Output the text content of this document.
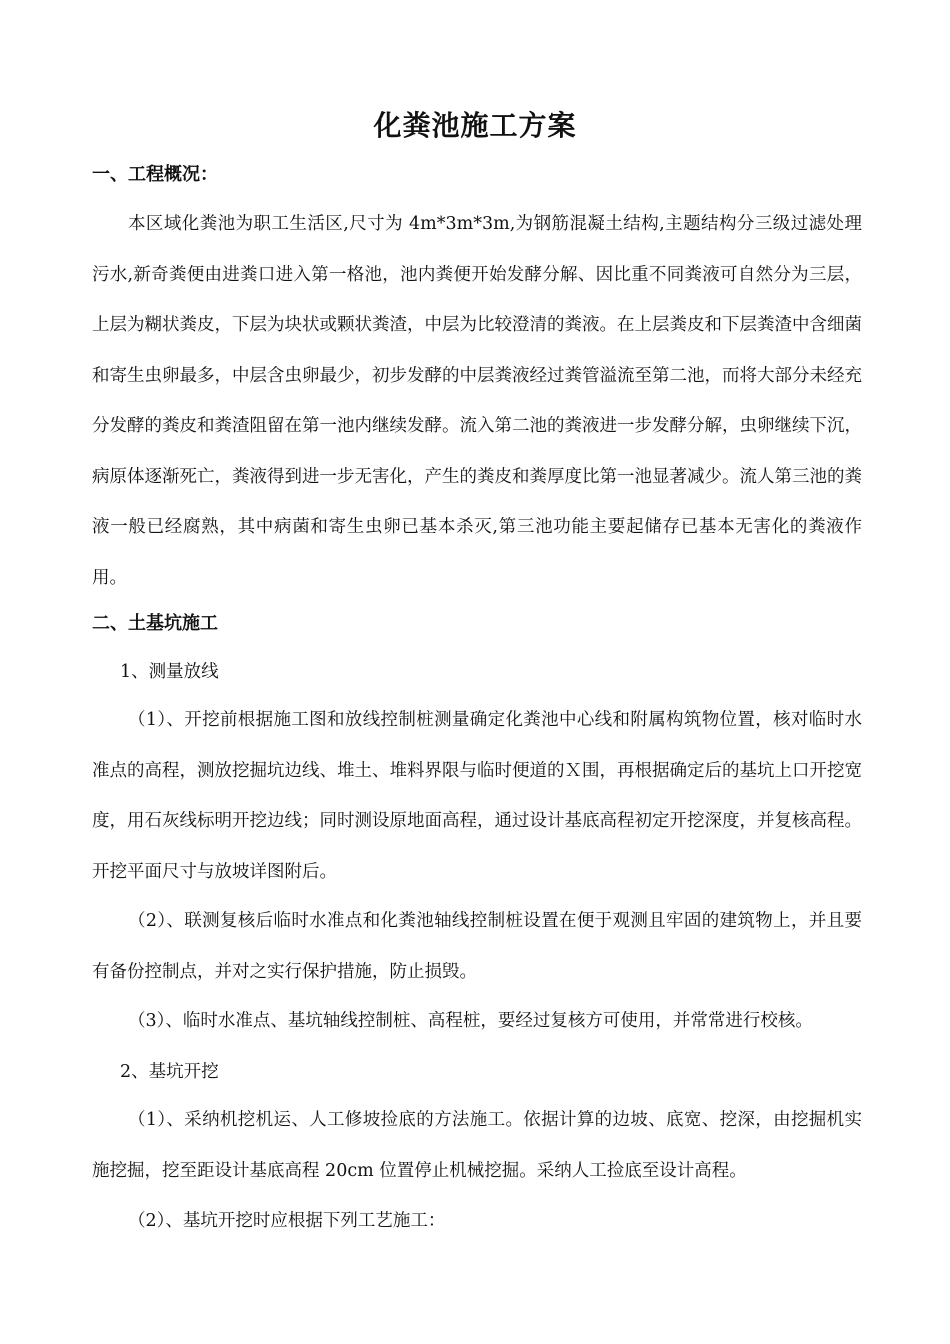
化粪池施工方案
一、工程概况：

本区域化粪池为职工生活区,尺寸为 4m*3m*3m,为钢筋混凝土结构,主题结构分三级过滤处理污水,新奇粪便由进粪口进入第一格池，池内粪便开始发酵分解、因比重不同粪液可自然分为三层，上层为糊状粪皮，下层为块状或颗状粪渣，中层为比较澄清的粪液。在上层粪皮和下层粪渣中含细菌和寄生虫卵最多，中层含虫卵最少，初步发酵的中层粪液经过粪管溢流至第二池，而将大部分未经充分发酵的粪皮和粪渣阻留在第一池内继续发酵。流入第二池的粪液进一步发酵分解，虫卵继续下沉，病原体逐渐死亡，粪液得到进一步无害化，产生的粪皮和粪厚度比第一池显著减少。流人第三池的粪液一般已经腐熟，其中病菌和寄生虫卵已基本杀灭,第三池功能主要起储存已基本无害化的粪液作用。

二、土基坑施工
1、测量放线

（1）、开挖前根据施工图和放线控制桩测量确定化粪池中心线和附属构筑物位置，核对临时水准点的高程，测放挖掘坑边线、堆土、堆料界限与临时便道的Ｘ围，再根据确定后的基坑上口开挖宽度，用石灰线标明开挖边线；同时测设原地面高程，通过设计基底高程初定开挖深度，并复核高程。开挖平面尺寸与放坡详图附后。

（2）、联测复核后临时水准点和化粪池轴线控制桩设置在便于观测且牢固的建筑物上，并且要有备份控制点，并对之实行保护措施，防止损毁。

（3）、临时水准点、基坑轴线控制桩、高程桩，要经过复核方可使用，并常常进行校核。

2、基坑开挖

（1）、采纳机挖机运、人工修坡捡底的方法施工。依据计算的边坡、底宽、挖深，由挖掘机实施挖掘，挖至距设计基底高程 20cm 位置停止机械挖掘。采纳人工捡底至设计高程。

（2）、基坑开挖时应根据下列工艺施工：
